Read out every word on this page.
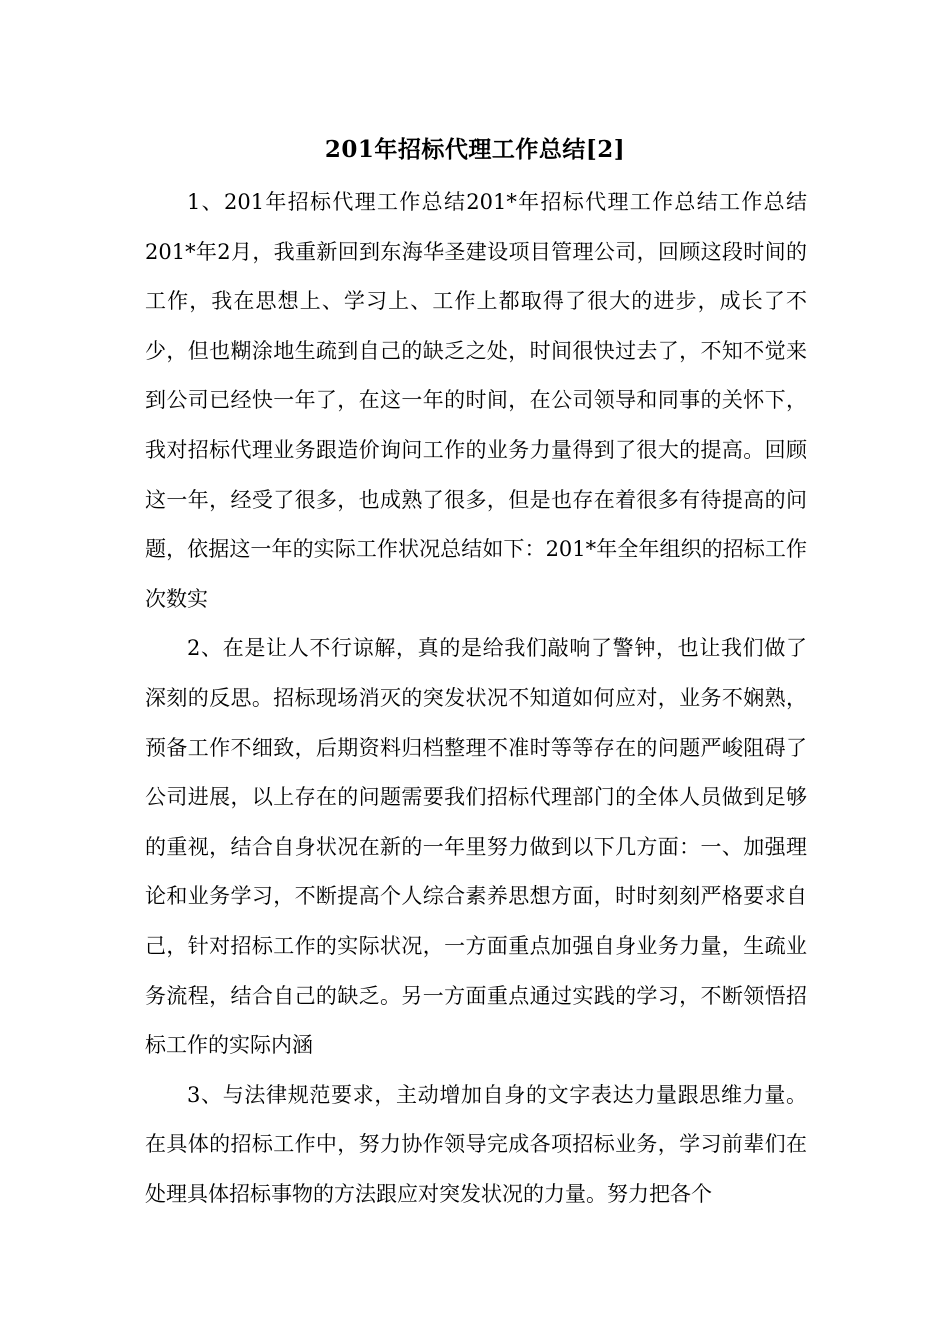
201年招标代理工作总结[2]

1、201年招标代理工作总结201*年招标代理工作总结工作总结201*年2月，我重新回到东海华圣建设项目管理公司，回顾这段时间的工作，我在思想上、学习上、工作上都取得了很大的进步，成长了不少，但也糊涂地生疏到自己的缺乏之处，时间很快过去了，不知不觉来到公司已经快一年了，在这一年的时间，在公司领导和同事的关怀下，我对招标代理业务跟造价询问工作的业务力量得到了很大的提高。回顾这一年，经受了很多，也成熟了很多，但是也存在着很多有待提高的问题，依据这一年的实际工作状况总结如下：201*年全年组织的招标工作次数实

2、在是让人不行谅解，真的是给我们敲响了警钟，也让我们做了深刻的反思。招标现场消灭的突发状况不知道如何应对，业务不娴熟，预备工作不细致，后期资料归档整理不准时等等存在的问题严峻阻碍了公司进展，以上存在的问题需要我们招标代理部门的全体人员做到足够的重视，结合自身状况在新的一年里努力做到以下几方面：一、加强理论和业务学习，不断提高个人综合素养思想方面，时时刻刻严格要求自己，针对招标工作的实际状况，一方面重点加强自身业务力量，生疏业务流程，结合自己的缺乏。另一方面重点通过实践的学习，不断领悟招标工作的实际内涵

3、与法律规范要求，主动增加自身的文字表达力量跟思维力量。在具体的招标工作中，努力协作领导完成各项招标业务，学习前辈们在处理具体招标事物的方法跟应对突发状况的力量。努力把各个
